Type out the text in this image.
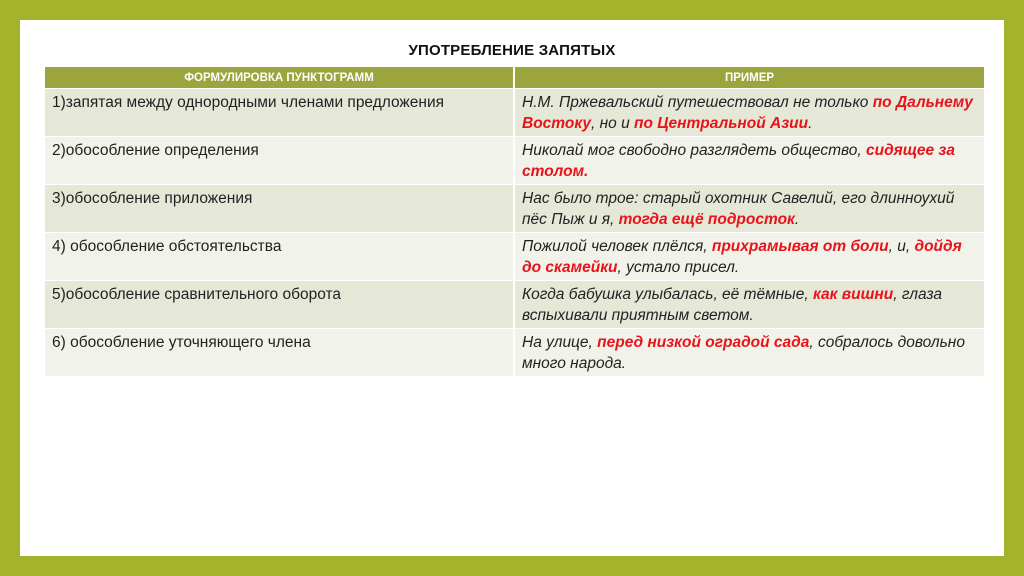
УПОТРЕБЛЕНИЕ ЗАПЯТЫХ
ФОРМУЛИРОВКА ПУНКТОГРАММ	ПРИМЕР
1)запятая между однородными членами предложения	Н.М. Пржевальский путешествовал не только по Дальнему Востоку, но и по Центральной Азии.
2)обособление определения	Николай мог свободно разглядеть общество, сидящее за столом.
3)обособление приложения	Нас было трое: старый охотник Савелий, его длинноухий пёс Пыж и я, тогда ещё подросток.
4) обособление обстоятельства	Пожилой человек плёлся, прихрамывая от боли, и, дойдя до скамейки, устало присел.
5)обособление сравнительного оборота	Когда бабушка улыбалась, её тёмные, как вишни, глаза вспыхивали приятным светом.
6) обособление уточняющего члена	На улице, перед низкой оградой сада, собралось довольно много народа.
